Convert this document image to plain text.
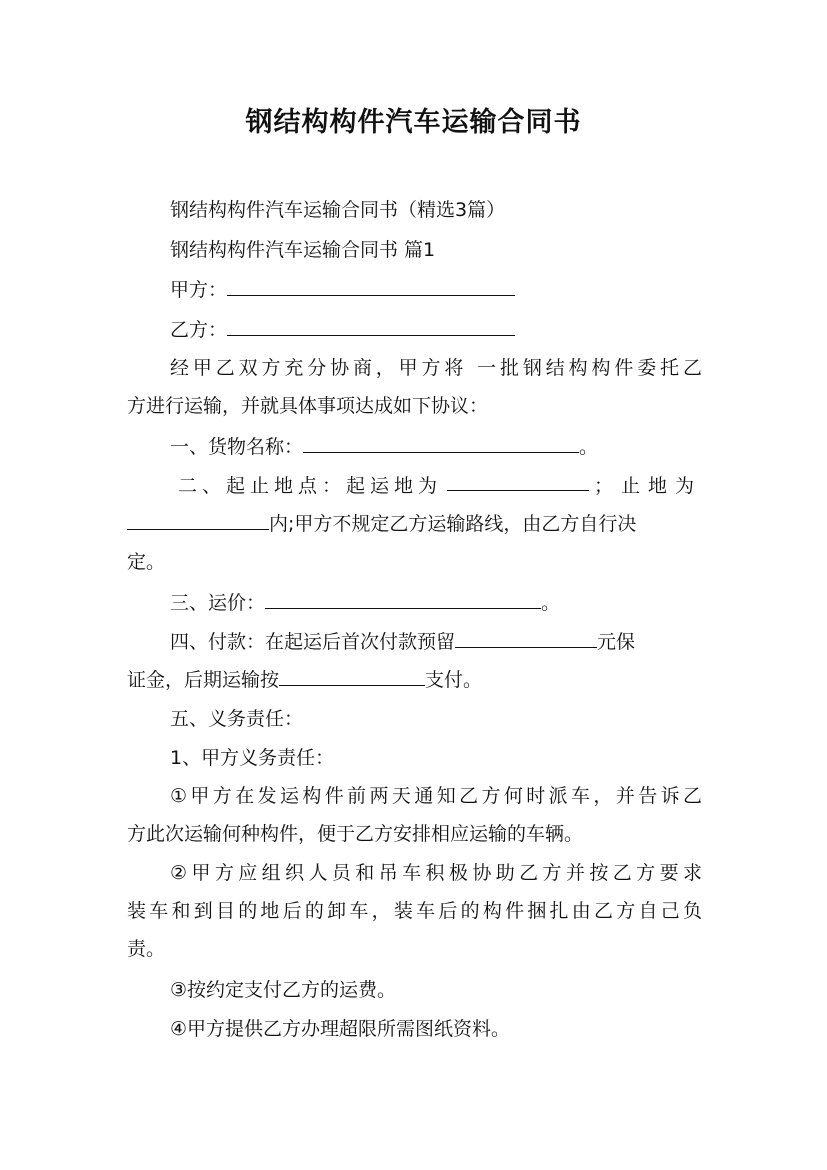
钢结构构件汽车运输合同书
钢结构构件汽车运输合同书（精选3篇）
钢结构构件汽车运输合同书 篇1
甲方：
乙方：
经甲乙双方充分协商，甲方将 一批钢结构构件委托乙
方进行运输，并就具体事项达成如下协议：
一、货物名称：	。
二、起止地点：起运地为	；止地为
内;甲方不规定乙方运输路线，由乙方自行决
定。
三、运价：	。
四、付款：在起运后首次付款预留	元保
证金，后期运输按	支付。
五、义务责任：
1、甲方义务责任：
①甲方在发运构件前两天通知乙方何时派车，并告诉乙
方此次运输何种构件，便于乙方安排相应运输的车辆。
②甲方应组织人员和吊车积极协助乙方并按乙方要求
装车和到目的地后的卸车，装车后的构件捆扎由乙方自己负
责。
③按约定支付乙方的运费。
④甲方提供乙方办理超限所需图纸资料。
